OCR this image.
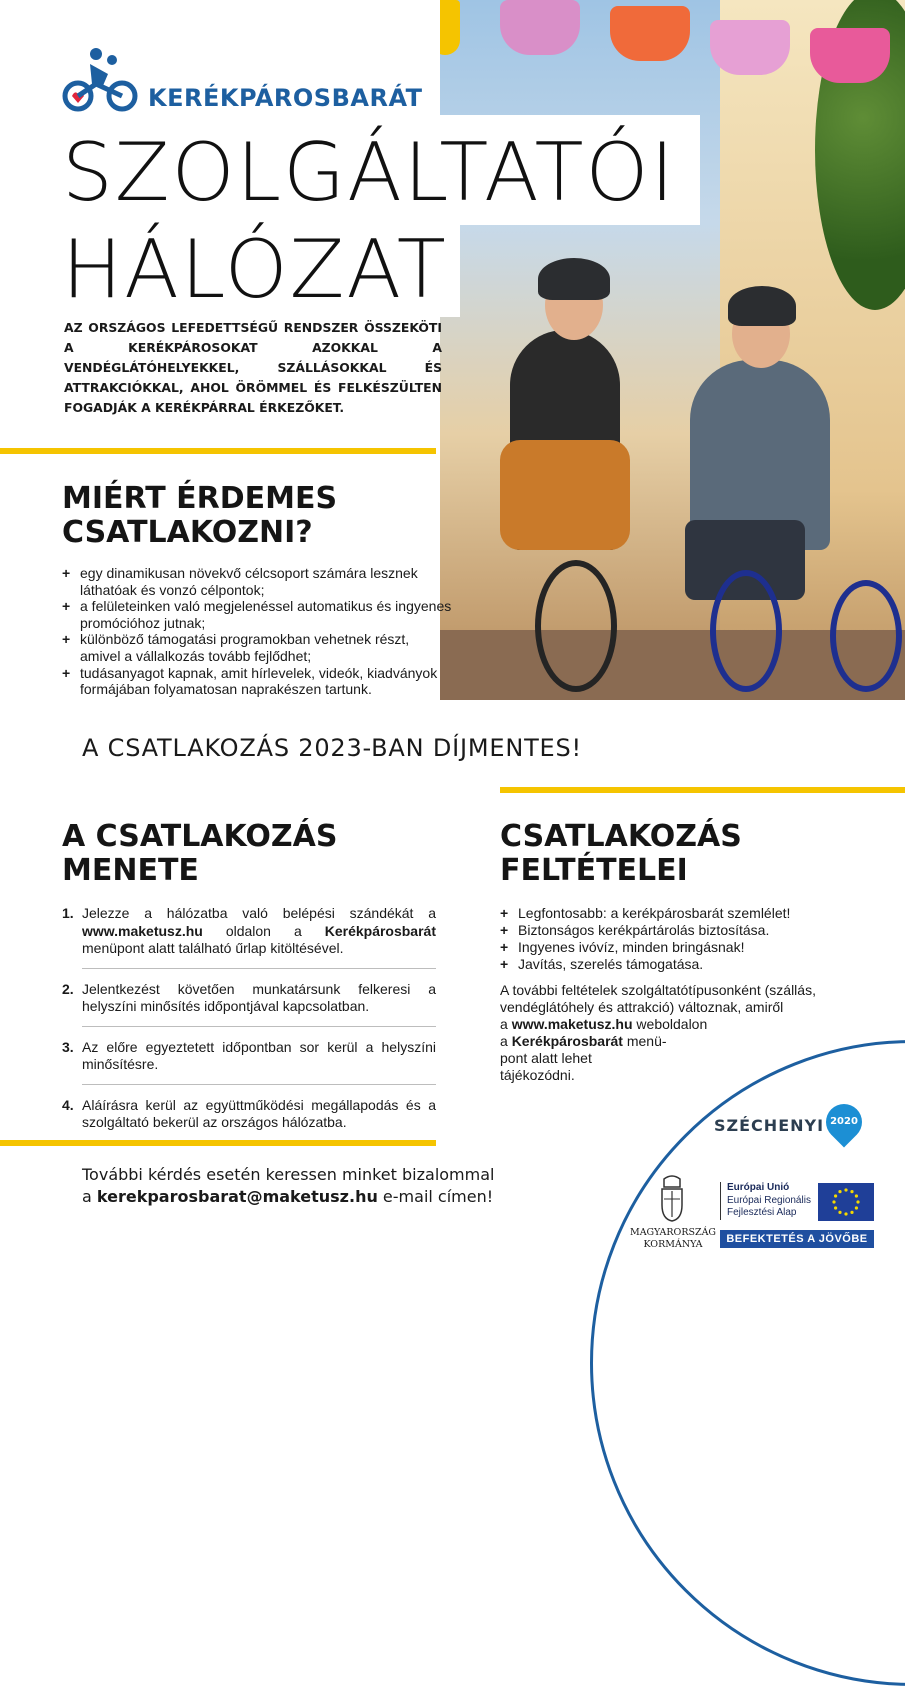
KERÉKPÁROSBARÁT
SZOLGÁLTATÓI
HÁLÓZAT
AZ ORSZÁGOS LEFEDETTSÉGŰ RENDSZER ÖSSZEKÖTI A KERÉKPÁROSOKAT AZOKKAL A VENDÉGLÁTÓHELYEKKEL, SZÁLLÁSOKKAL ÉS ATTRAKCIÓKKAL, AHOL ÖRÖMMEL ÉS FELKÉSZÜLTEN FOGADJÁK A KERÉKPÁRRAL ÉRKEZŐKET.
MIÉRT ÉRDEMES
CSATLAKOZNI?
+ egy dinamikusan növekvő célcsoport számára lesznek láthatóak és vonzó célpontok;
+ a felületeinken való megjelenéssel automatikus és ingyenes promócióhoz jutnak;
+ különböző támogatási programokban vehetnek részt, amivel a vállalkozás tovább fejlődhet;
+ tudásanyagot kapnak, amit hírlevelek, videók, kiadványok formájában folyamatosan naprakészen tartunk.
A CSATLAKOZÁS 2023-BAN DÍJMENTES!
A CSATLAKOZÁS
MENETE
1. Jelezze a hálózatba való belépési szándékát a www.maketusz.hu oldalon a Kerékpárosbarát menüpont alatt található űrlap kitöltésével.
2. Jelentkezést követően munkatársunk felkeresi a helyszíni minősítés időpontjával kapcsolatban.
3. Az előre egyeztetett időpontban sor kerül a helyszíni minősítésre.
4. Aláírásra kerül az együttműködési megállapodás és a szolgáltató bekerül az országos hálózatba.
CSATLAKOZÁS
FELTÉTELEI
+ Legfontosabb: a kerékpárosbarát szemlélet!
+ Biztonságos kerékpártárolás biztosítása.
+ Ingyenes ivóvíz, minden bringásnak!
+ Javítás, szerelés támogatása.
A további feltételek szolgáltatótípusonként (szállás,
vendéglátóhely és attrakció) változnak, amiről
a www.maketusz.hu weboldalon
a Kerékpárosbarát menü-
pont alatt lehet
tájékozódni.
További kérdés esetén keressen minket bizalommal
a kerekparosbarat@maketusz.hu e-mail címen!
SZÉCHENYI 2020
MAGYARORSZÁG
KORMÁNYA
Európai Unió
Európai Regionális
Fejlesztési Alap
BEFEKTETÉS A JÖVŐBE
